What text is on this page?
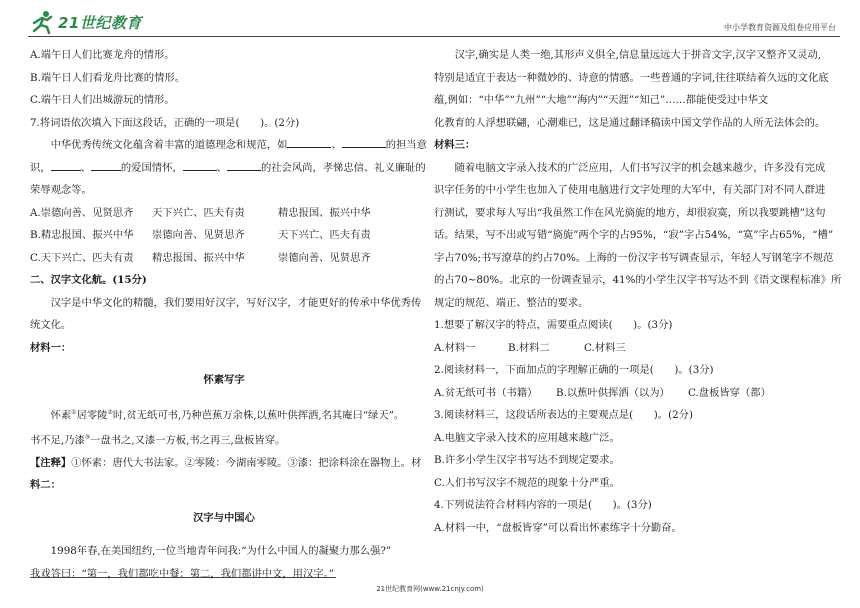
21世纪教育	中小学教育资源及组卷应用平台

A.端午日人们比赛龙舟的情形。

B.端午日人们看龙舟比赛的情形。

C.端午日人们出城游玩的情形。

7.将词语依次填入下面这段话，正确的一项是(　　)。(2分)

中华优秀传统文化蕴含着丰富的道德理念和规范，如	、	的担当意

识，	、	的爱国情怀，	、	的社会风尚，孝悌忠信、礼义廉耻的

荣辱观念等。

A.崇德向善、见贤思齐 天下兴亡、匹夫有责	精忠报国、振兴中华

B.精忠报国、振兴中华 崇德向善、见贤思齐	天下兴亡、匹夫有责

C.天下兴亡、匹夫有责 精忠报国、振兴中华	崇德向善、见贤思齐

二、汉字文化航。(15分)

汉字是中华文化的精髓，我们要用好汉字，写好汉字，才能更好的传承中华优秀传

统文化。

材料一：

怀素写字

怀素①居零陵②时,贫无纸可书,乃种芭蕉万余株,以蕉叶供挥洒,名其庵曰“绿天”。

书不足,乃漆③一盘书之,又漆一方板,书之再三,盘板皆穿。

【注释】①怀素：唐代大书法家。②零陵：今湖南零陵。③漆：把涂料涂在器物上。材

料二：

汉字与中国心

1998年春,在美国纽约,一位当地青年问我:“为什么中国人的凝聚力那么强?”

我戏答曰：“第一，我们都吃中餐；第二，我们都讲中文，用汉字。”

汉字,确实是人类一绝,其形声义俱全,信息量远远大于拼音文字,汉字又整齐又灵动,

特别是适宜于表达一种微妙的、诗意的情感。一些普通的字词,往往联结着久远的文化底

蕴,例如：“中华”“九州”“大地”“海内”“天涯”“知己”……都能使受过中华文

化教育的人浮想联翩，心潮难已，这是通过翻译稿读中国文学作品的人所无法体会的。

材料三：

随着电脑文字录入技术的广泛应用，人们书写汉字的机会越来越少，许多没有完成

识字任务的中小学生也加入了使用电脑进行文字处理的大军中，有关部门对不同人群进

行测试，要求每人写出“我虽然工作在风光旖旎的地方，却很寂寞，所以我要跳槽”这句

话。结果，写不出或写错“旖旎”两个字的占95%，“寂”字占54%，“寞”字占65%，“槽”

字占70%;书写潦草的约占70%。上海的一份汉字书写调查显示，年轻人写钢笔字不规范

的占70~80%。北京的一份调查显示，41%的小学生汉字书写达不到《语文课程标准》所

规定的规范、端正、整洁的要求。

1.想要了解汉字的特点，需要重点阅读(　　)。(3分)

A.材料一	B.材料二	C.材料三

2.阅读材料一，下面加点的字理解正确的一项是(　　)。(3分)

A.贫无纸可书（书籍） B.以蕉叶供挥洒（以为） C.盘板皆穿（都）

3.阅读材料三，这段话所表达的主要观点是(　　)。(2分)

A.电脑文字录入技术的应用越来越广泛。

B.许多小学生汉字书写达不到规定要求。

C.人们书写汉字不规范的现象十分严重。

4.下列说法符合材料内容的一项是(　　)。(3分)

A.材料一中，“盘板皆穿”可以看出怀素练字十分勤奋。

21世纪教育网(www.21cnjy.com)
